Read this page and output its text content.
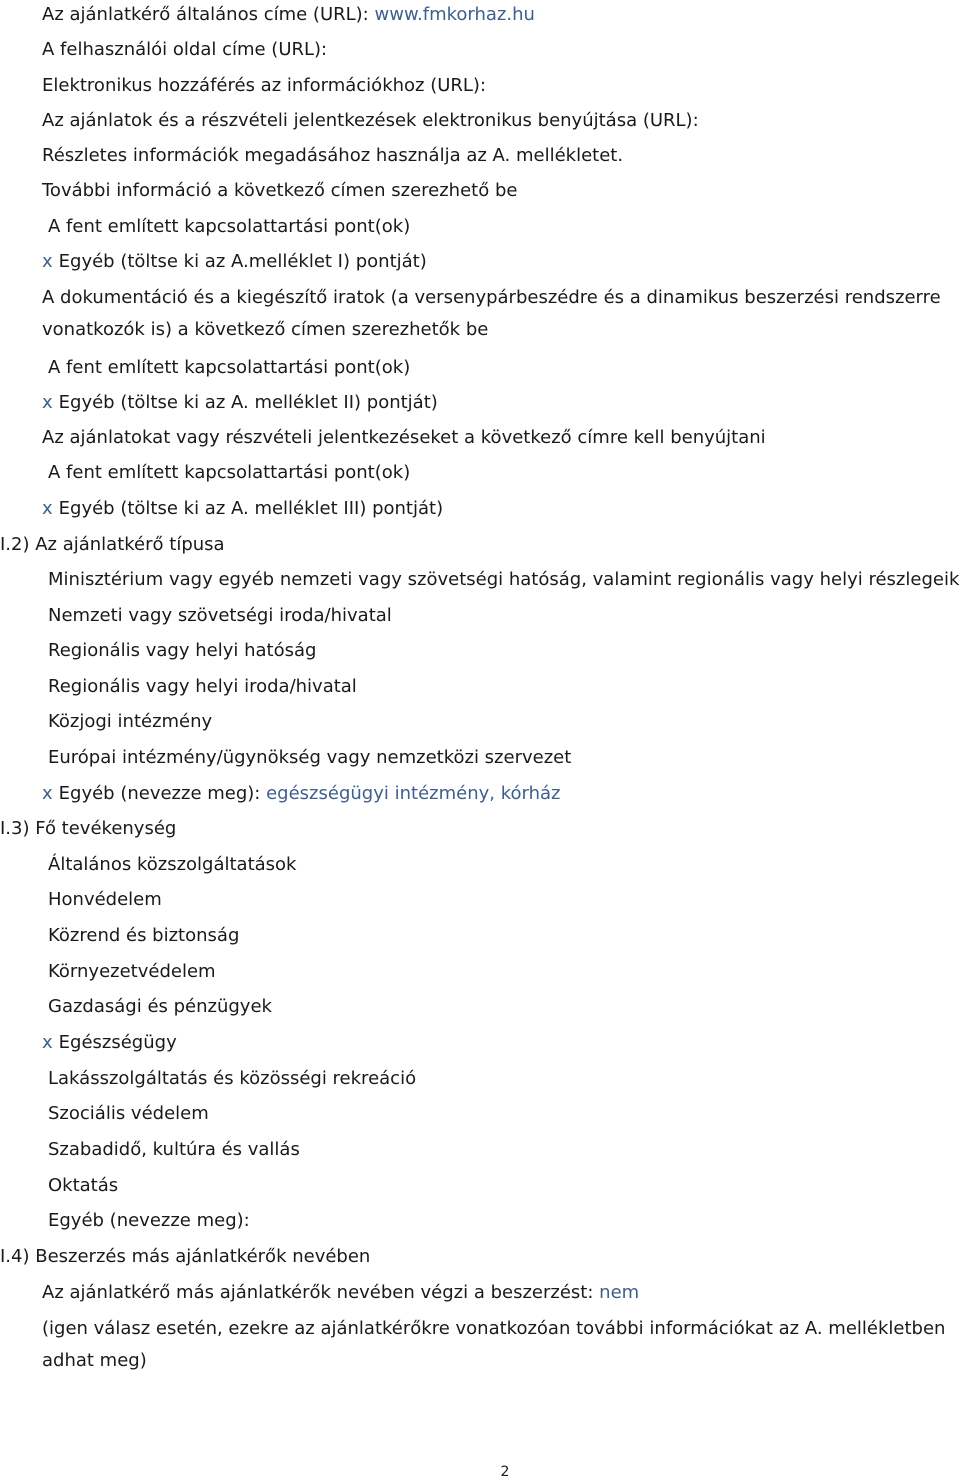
Az ajánlatkérő általános címe (URL): www.fmkorhaz.hu
A felhasználói oldal címe (URL):
Elektronikus hozzáférés az információkhoz (URL):
Az ajánlatok és a részvételi jelentkezések elektronikus benyújtása (URL):
Részletes információk megadásához használja az A. mellékletet.
További információ a következő címen szerezhető be
A fent említett kapcsolattartási pont(ok)
x Egyéb (töltse ki az A.melléklet I) pontját)
A dokumentáció és a kiegészítő iratok (a versenypárbeszédre és a dinamikus beszerzési rendszerre vonatkozók is) a következő címen szerezhetők be
A fent említett kapcsolattartási pont(ok)
x Egyéb (töltse ki az A. melléklet II) pontját)
Az ajánlatokat vagy részvételi jelentkezéseket a következő címre kell benyújtani
A fent említett kapcsolattartási pont(ok)
x Egyéb (töltse ki az A. melléklet III) pontját)
I.2) Az ajánlatkérő típusa
Minisztérium vagy egyéb nemzeti vagy szövetségi hatóság, valamint regionális vagy helyi részlegeik
Nemzeti vagy szövetségi iroda/hivatal
Regionális vagy helyi hatóság
Regionális vagy helyi iroda/hivatal
Közjogi intézmény
Európai intézmény/ügynökség vagy nemzetközi szervezet
x Egyéb (nevezze meg): egészségügyi intézmény, kórház
I.3) Fő tevékenység
Általános közszolgáltatások
Honvédelem
Közrend és biztonság
Környezetvédelem
Gazdasági és pénzügyek
x Egészségügy
Lakásszolgáltatás és közösségi rekreáció
Szociális védelem
Szabadidő, kultúra és vallás
Oktatás
Egyéb (nevezze meg):
I.4) Beszerzés más ajánlatkérők nevében
Az ajánlatkérő más ajánlatkérők nevében végzi a beszerzést: nem
(igen válasz esetén, ezekre az ajánlatkérőkre vonatkozóan további információkat az A. mellékletben adhat meg)
2
